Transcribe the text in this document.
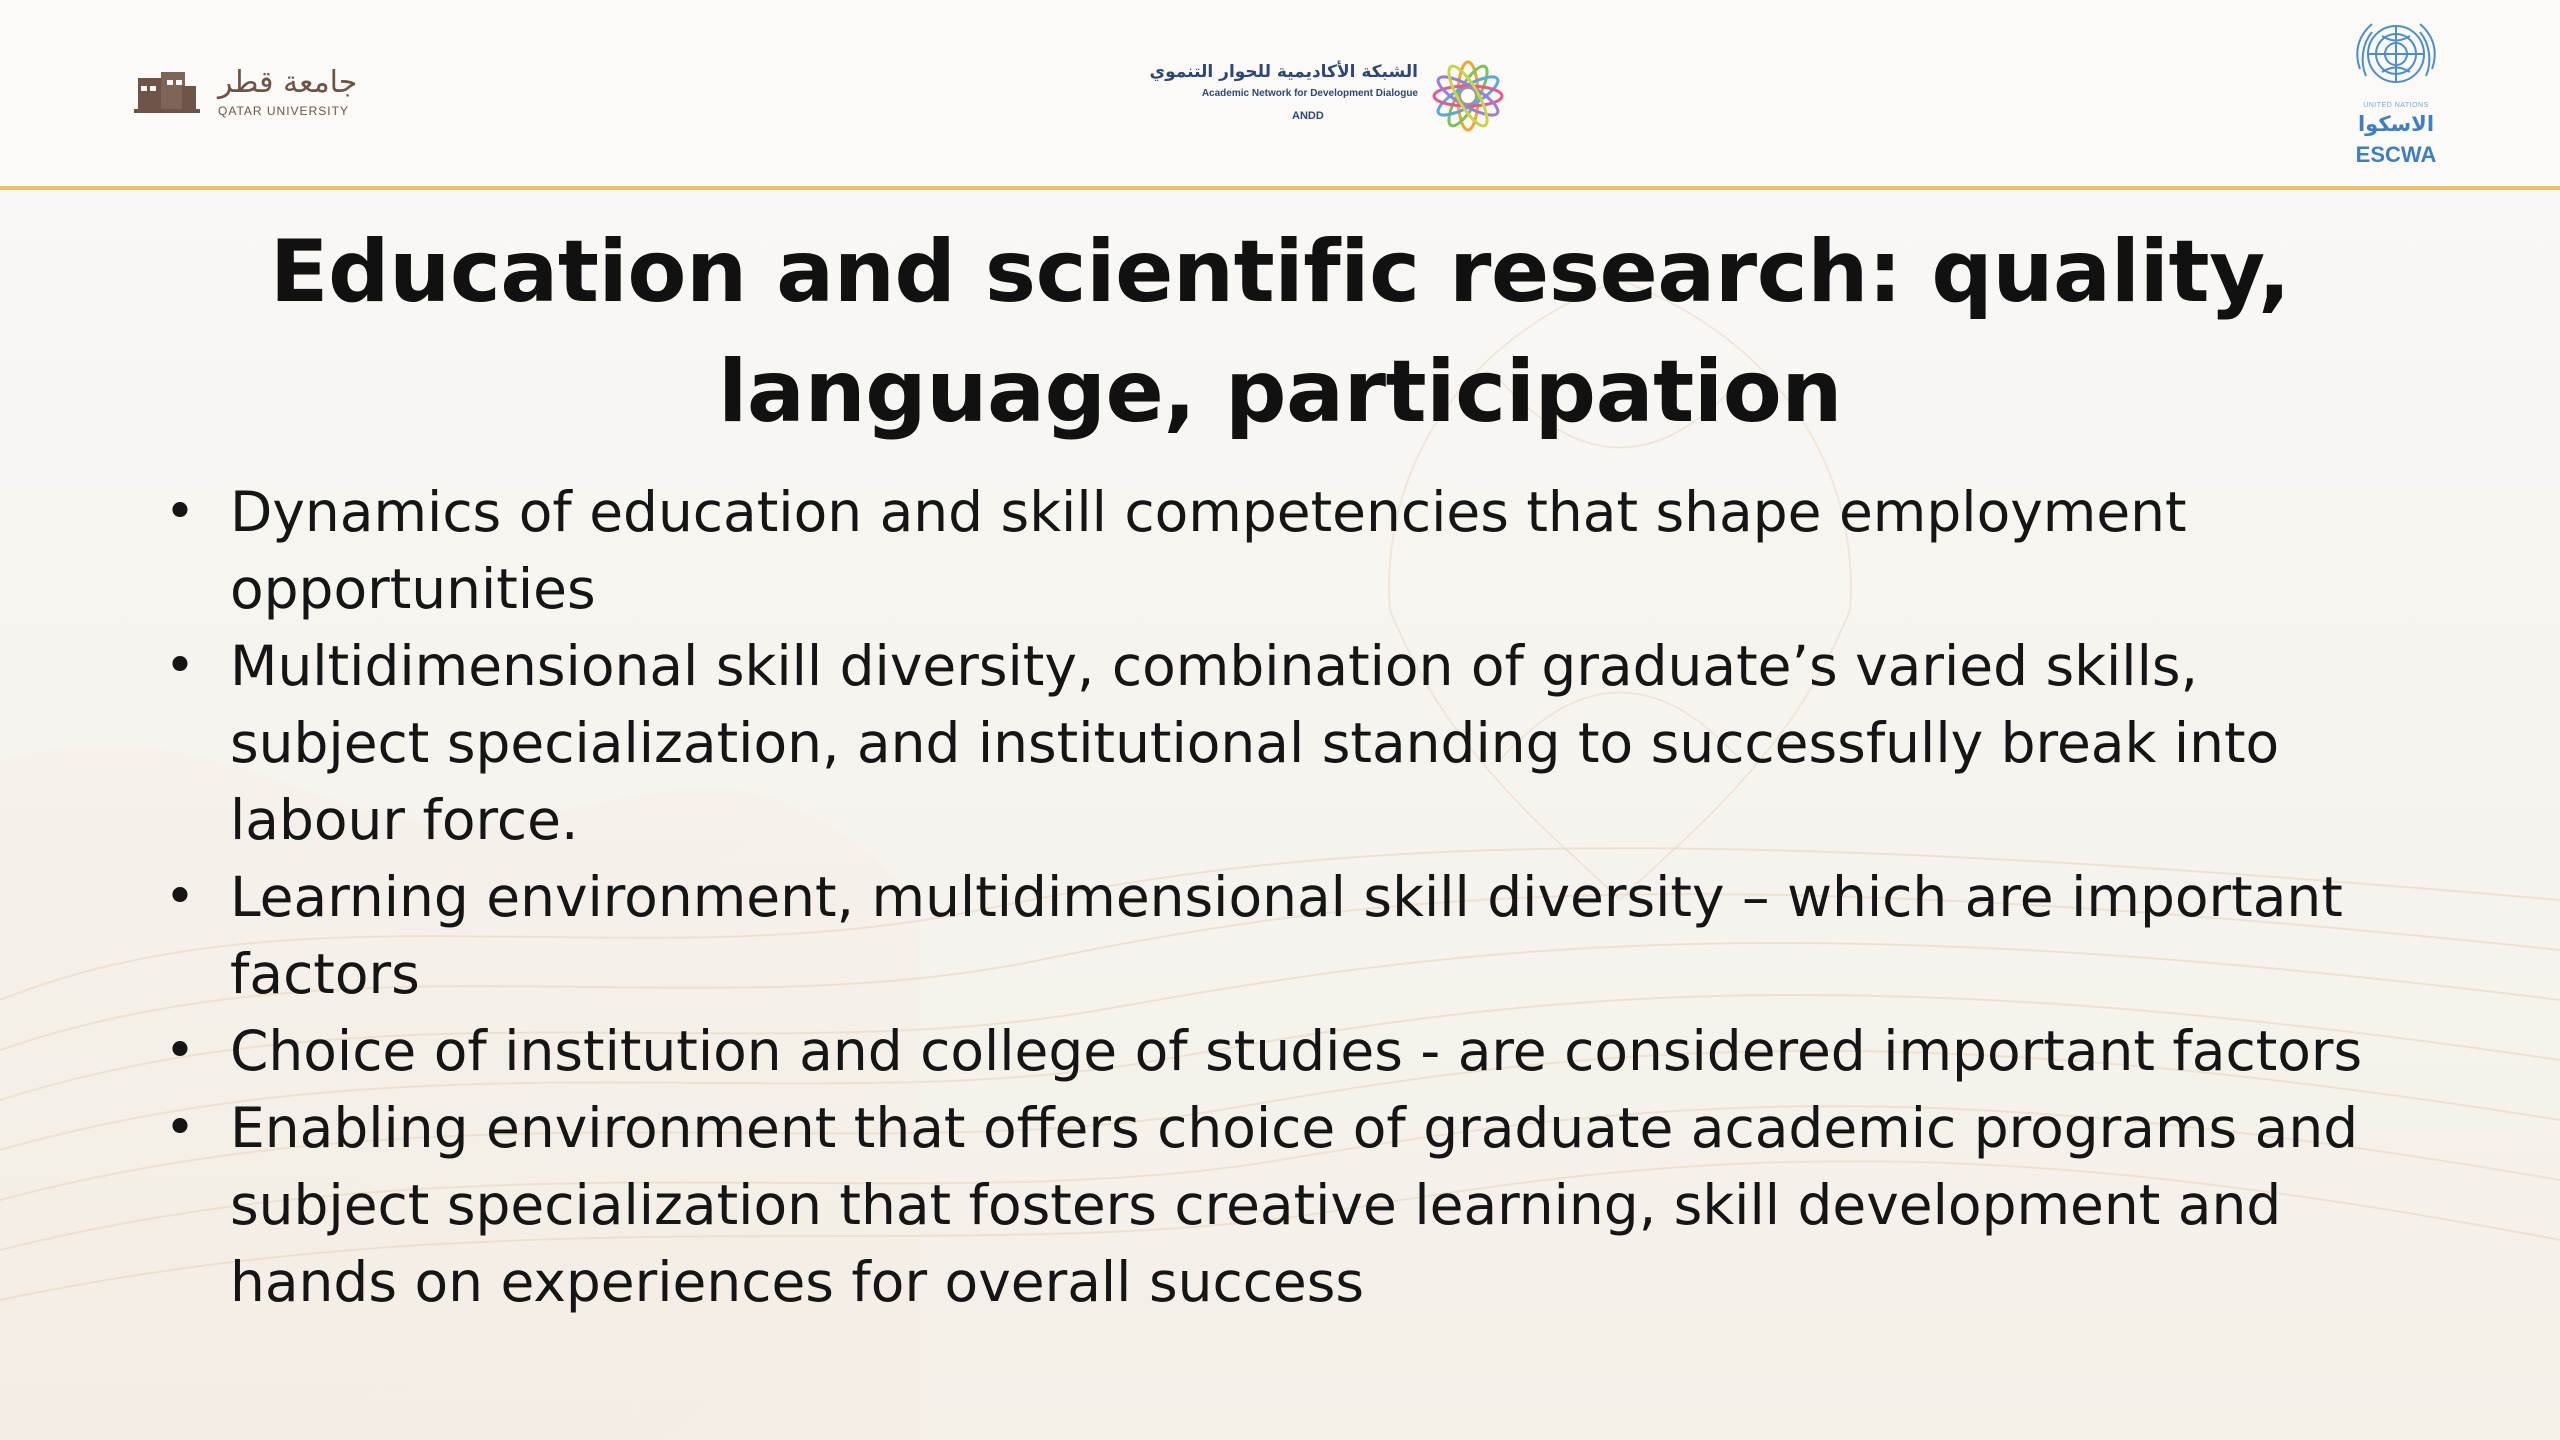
جامعة قطر
QATAR UNIVERSITY
الشبكة الأكاديمية للحوار التنموي
Academic Network for Development Dialogue
ANDD
UNITED NATIONS
الاسكوا
ESCWA
Education and scientific research: quality,
language, participation
• Dynamics of education and skill competencies that shape employment opportunities
• Multidimensional skill diversity, combination of graduate’s varied skills, subject specialization, and institutional standing to successfully break into labour force.
• Learning environment, multidimensional skill diversity – which are important factors
• Choice of institution and college of studies - are considered important factors
• Enabling environment that offers choice of graduate academic programs and subject specialization that fosters creative learning, skill development and hands on experiences for overall success
